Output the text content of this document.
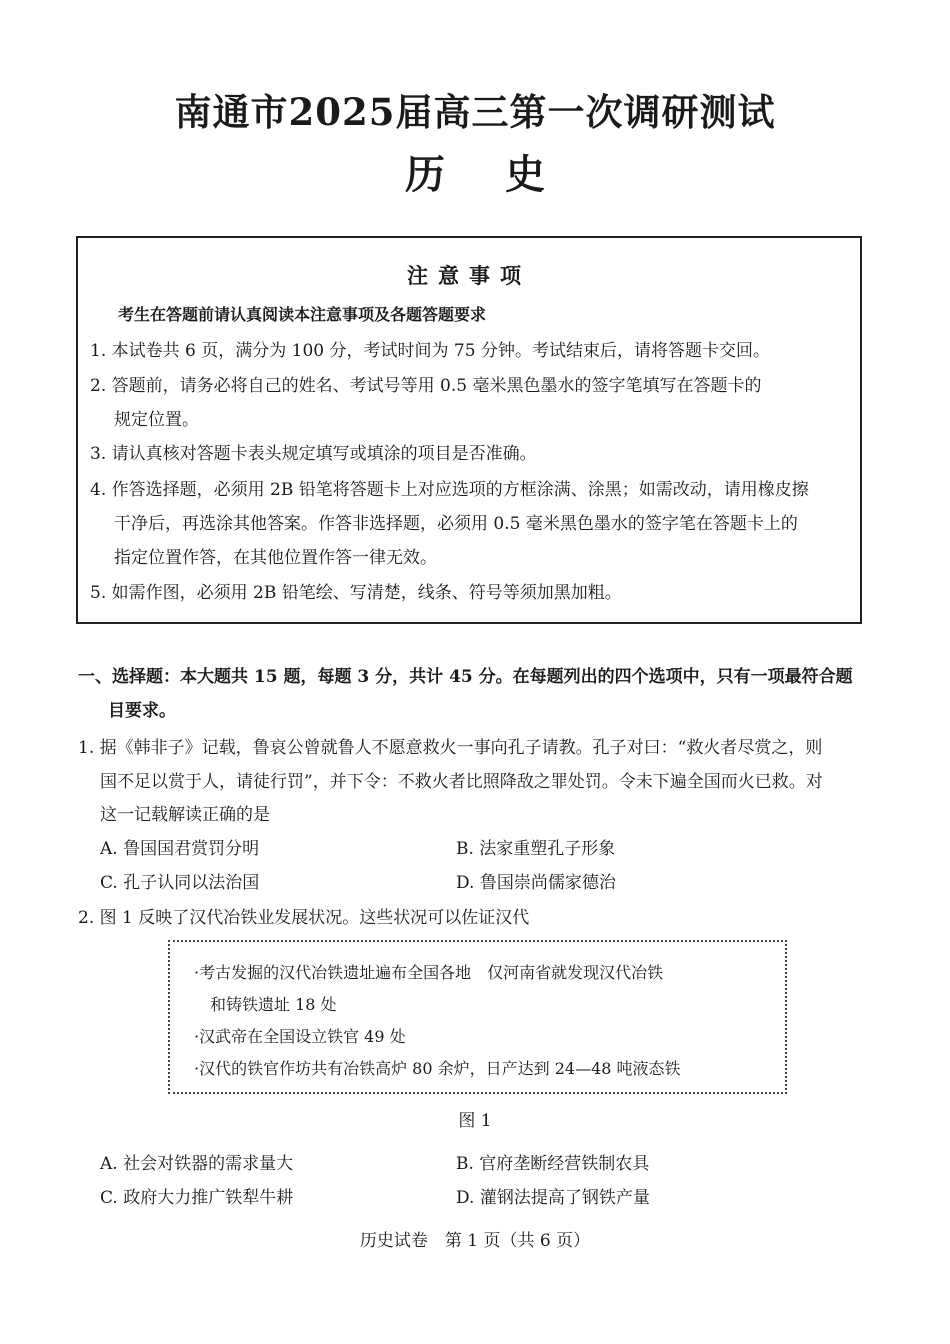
南通市2025届高三第一次调研测试
历史
注意事项
考生在答题前请认真阅读本注意事项及各题答题要求
1. 本试卷共 6 页，满分为 100 分，考试时间为 75 分钟。考试结束后，请将答题卡交回。
2. 答题前，请务必将自己的姓名、考试号等用 0.5 毫米黑色墨水的签字笔填写在答题卡的
规定位置。
3. 请认真核对答题卡表头规定填写或填涂的项目是否准确。
4. 作答选择题，必须用 2B 铅笔将答题卡上对应选项的方框涂满、涂黑；如需改动，请用橡皮擦
干净后，再选涂其他答案。作答非选择题，必须用 0.5 毫米黑色墨水的签字笔在答题卡上的
指定位置作答，在其他位置作答一律无效。
5. 如需作图，必须用 2B 铅笔绘、写清楚，线条、符号等须加黑加粗。
一、选择题：本大题共 15 题，每题 3 分，共计 45 分。在每题列出的四个选项中，只有一项最符合题
目要求。
1. 据《韩非子》记载，鲁哀公曾就鲁人不愿意救火一事向孔子请教。孔子对曰：“救火者尽赏之，则
国不足以赏于人，请徒行罚”，并下令：不救火者比照降敌之罪处罚。令未下遍全国而火已救。对
这一记载解读正确的是
A. 鲁国国君赏罚分明	B. 法家重塑孔子形象
C. 孔子认同以法治国	D. 鲁国崇尚儒家德治
2. 图 1 反映了汉代冶铁业发展状况。这些状况可以佐证汉代
·考古发掘的汉代冶铁遗址遍布全国各地　仅河南省就发现汉代冶铁
和铸铁遗址 18 处
·汉武帝在全国设立铁官 49 处
·汉代的铁官作坊共有冶铁高炉 80 余炉，日产达到 24—48 吨液态铁
图 1
A. 社会对铁器的需求量大	B. 官府垄断经营铁制农具
C. 政府大力推广铁犁牛耕	D. 灌钢法提高了钢铁产量
历史试卷　第 1 页（共 6 页）
